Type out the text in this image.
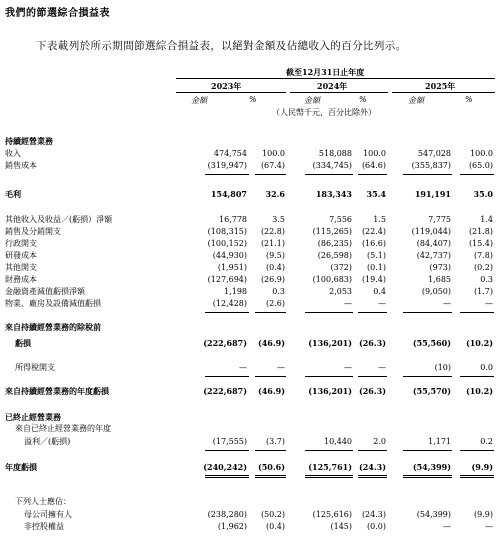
我們的節選綜合損益表
下表載列於所示期間節選綜合損益表，以絕對金額及佔總收入的百分比列示。
截至12月31日止年度
2023年	2024年	2025年
金額	%	金額	%	金額	%
（人民幣千元，百分比除外）
持續經營業務
收入	474,754 100.0	518,088 100.0	547,028 100.0
銷售成本	(319,947) (67.4)	(334,745) (64.6)	(355,837) (65.0)
毛利	154,807 32.6	183,343 35.4	191,191	35.0
其他收入及收益／(虧損）淨額	16,778	3.5	7,556	1.5	7,775	1.4
銷售及分銷開支	(108,315) (22.8)	(115,265) (22.4)	(119,044) (21.8)
行政開支	(100,152) (21.1)	(86,235) (16.6)	(84,407) (15.4)
研發成本	(44,930) (9.5)	(26,598) (5.1)	(42,737)	(7.8)
其他開支	(1,951) (0.4)	(372) (0.1)	(973)	(0.2)
財務成本	(127,694) (26.9)	(100,683) (19.4)	1,685	0.3
金融資產減值虧損淨額	1,198	0.3	2,053	0.4	(9,050)	(1.7)
物業、廠房及設備減值虧損	(12,428) (2.6)	—	—	—	—
來自持續經營業務的除稅前
虧損	(222,687) (46.9)	(136,201) (26.3)	(55,560) (10.2)
所得稅開支	—	—	—	—	(10)	0.0
來自持續經營業務的年度虧損	(222,687) (46.9)	(136,201) (26.3)	(55,570) (10.2)
已終止經營業務
來自已終止經營業務的年度
溢利／(虧損)	(17,555) (3.7)	10,440	2.0	1,171	0.2
年度虧損	(240,242) (50.6)	(125,761) (24.3)	(54,399)	(9.9)
下列人士應佔：
母公司擁有人	(238,280) (50.2)	(125,616) (24.3)	(54,399)	(9.9)
非控股權益	(1,962) (0.4)	(145) (0.0)	—	—
